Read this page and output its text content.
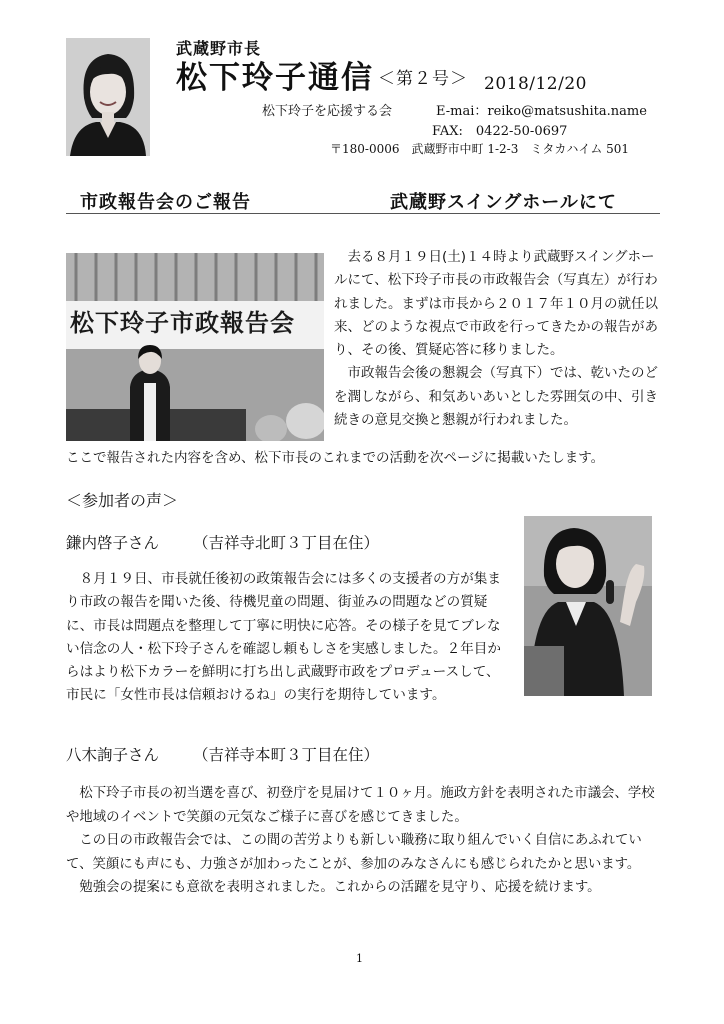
武蔵野市長
松下玲子通信 ＜第２号＞ 2018/12/20
松下玲子を応援する会	E-mai：reiko@matsushita.name
FAX:　0422-50-0697
〒180-0006　武蔵野市中町 1-2-3　ミタカハイム 501
市政報告会のご報告	武蔵野スイングホールにて
松下玲子市政報告会

　去る８月１９日(土)１４時より武蔵野スイングホールにて、松下玲子市長の市政報告会（写真左）が行われました。まずは市長から２０１７年１０月の就任以来、どのような視点で市政を行ってきたかの報告があり、その後、質疑応答に移りました。

　市政報告会後の懇親会（写真下）では、乾いたのどを潤しながら、和気あいあいとした雰囲気の中、引き続きの意見交換と懇親が行われました。

ここで報告された内容を含め、松下市長のこれまでの活動を次ページに掲載いたします。
＜参加者の声＞
鎌内啓子さん （吉祥寺北町３丁目在住）
　８月１９日、市長就任後初の政策報告会には多くの支援者の方が集まり市政の報告を聞いた後、待機児童の問題、街並みの問題などの質疑に、市長は問題点を整理して丁寧に明快に応答。その様子を見てブレない信念の人・松下玲子さんを確認し頼もしさを実感しました。２年目からはより松下カラーを鮮明に打ち出し武蔵野市政をプロデュースして、市民に「女性市長は信頼おけるね」の実行を期待しています。
八木詢子さん （吉祥寺本町３丁目在住）

　松下玲子市長の初当選を喜び、初登庁を見届けて１０ヶ月。施政方針を表明された市議会、学校や地域のイベントで笑顔の元気なご様子に喜びを感じてきました。

　この日の市政報告会では、この間の苦労よりも新しい職務に取り組んでいく自信にあふれていて、笑顔にも声にも、力強さが加わったことが、参加のみなさんにも感じられたかと思います。

　勉強会の提案にも意欲を表明されました。これからの活躍を見守り、応援を続けます。

1
